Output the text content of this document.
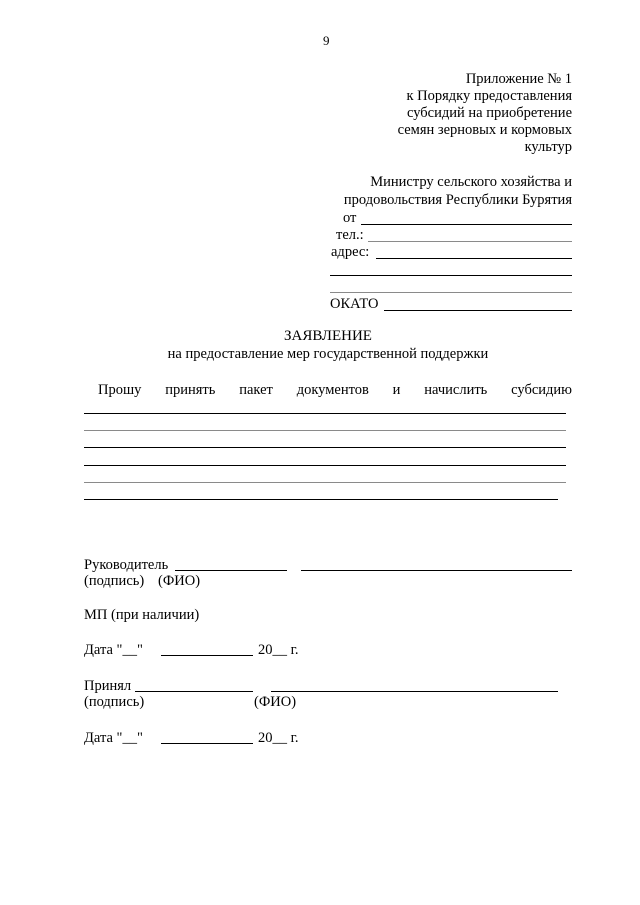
9
Приложение № 1
к Порядку предоставления
субсидий на приобретение
семян зерновых и кормовых
культур
Министру сельского хозяйства и
продовольствия Республики Бурятия
от
тел.:
адрес:
ОКАТО
ЗАЯВЛЕНИЕ
на предоставление мер государственной поддержки
Прошу принять пакет документов и начислить субсидию
Руководитель
(подпись) (ФИО)
МП (при наличии)
Дата "__"	20__ г.
Принял
(подпись)	(ФИО)
Дата "__"	20__ г.
